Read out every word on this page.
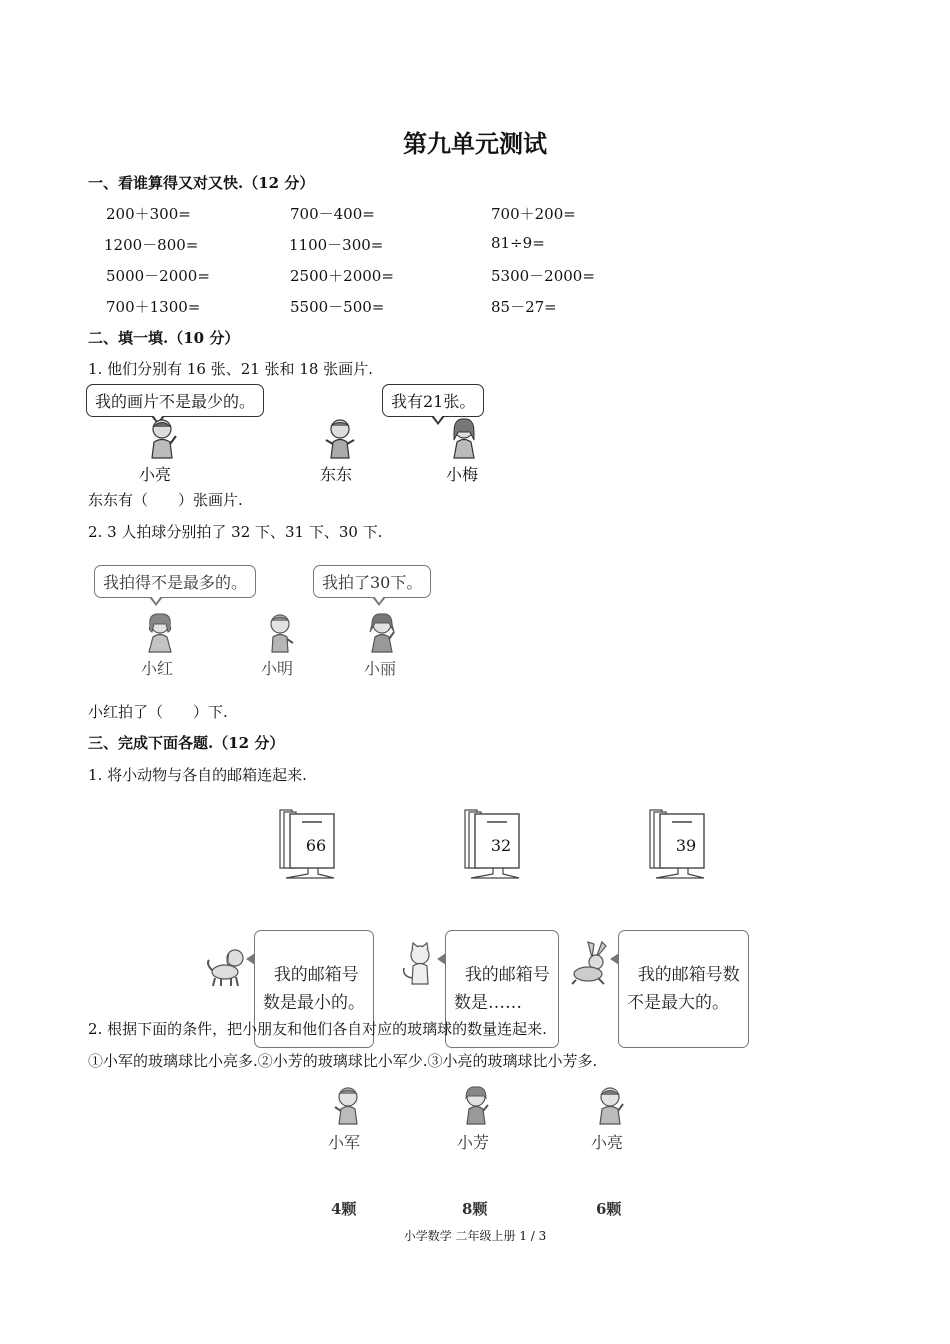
第九单元测试
一、看谁算得又对又快.（12 分）
200＋300=	700－400=	700＋200=
1200－800=	1100－300=	81÷9=
5000－2000=	2500＋2000=	5300－2000=
700＋1300=	5500－500=	85－27=
二、填一填.（10 分）
1. 他们分别有 16 张、21 张和 18 张画片.
我的画片不是最少的。	我有21张。
小亮	东东	小梅
东东有（　　）张画片.
2. 3 人拍球分别拍了 32 下、31 下、30 下.
我拍得不是最多的。	我拍了30下。
小红	小明	小丽
小红拍了（　　）下.
三、完成下面各题.（12 分）
1. 将小动物与各自的邮箱连起来.
66	32	39

我的邮箱号
数是最小的。

我的邮箱号
数是……

我的邮箱号数
不是最大的。

2. 根据下面的条件，把小朋友和他们各自对应的玻璃球的数量连起来.
①小军的玻璃球比小亮多.②小芳的玻璃球比小军少.③小亮的玻璃球比小芳多.
小军	小芳	小亮
4颗	8颗	6颗
小学数学 二年级上册 1 / 3
